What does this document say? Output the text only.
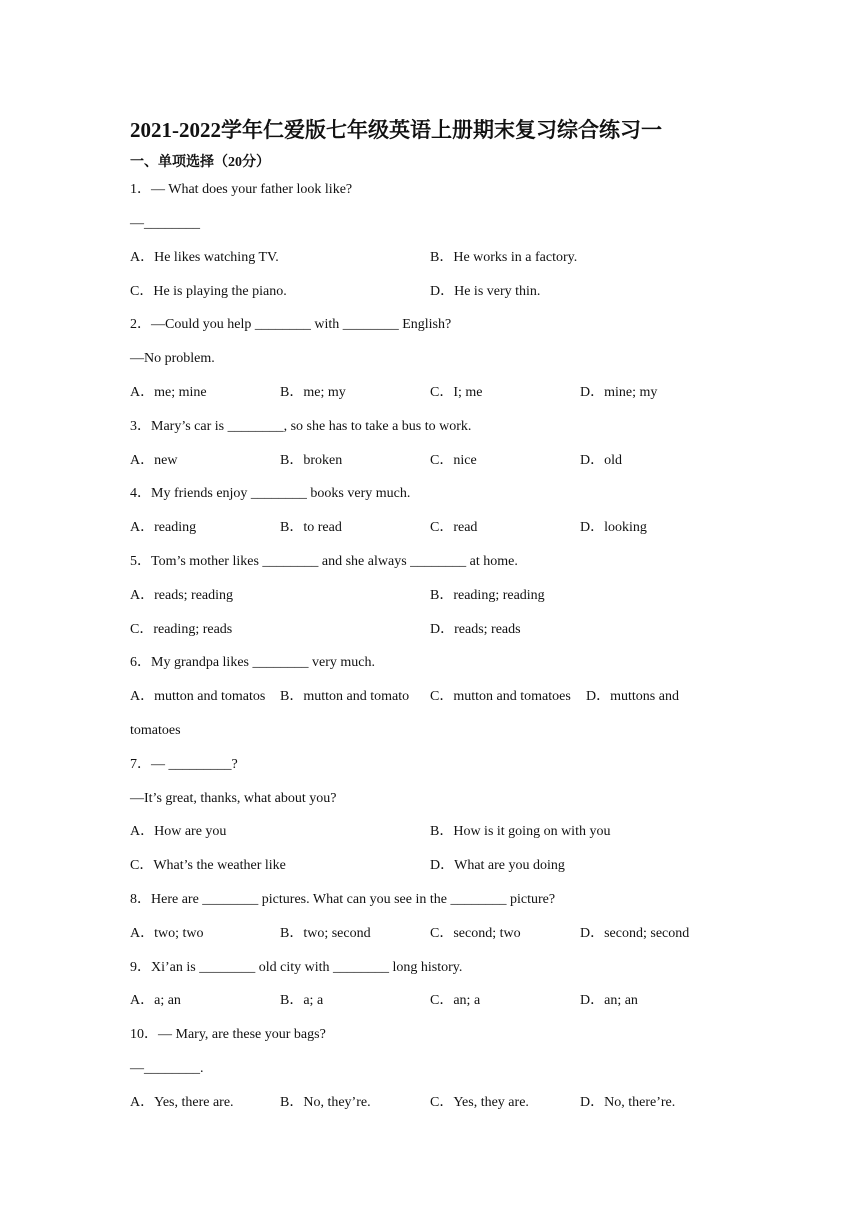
2021-2022学年仁爱版七年级英语上册期末复习综合练习一
一、单项选择（20分）
1．— What does your father look like?
—________
A．He likes watching TV.	B．He works in a factory.
C．He is playing the piano.	D．He is very thin.
2．—Could you help ________ with ________ English?
—No problem.
A．me; mine	B．me; my	C．I; me	D．mine; my
3．Mary’s car is ________, so she has to take a bus to work.
A．new	B．broken	C．nice	D．old
4．My friends enjoy ________ books very much.
A．reading	B．to read	C．read	D．looking
5．Tom’s mother likes ________ and she always ________ at home.
A．reads; reading	B．reading; reading
C．reading; reads	D．reads; reads
6．My grandpa likes ________ very much.
A．mutton and tomatos B．mutton and tomato C．mutton and tomatoes D．muttons and
tomatoes
7．— _________?
—It’s great, thanks, what about you?
A．How are you	B．How is it going on with you
C．What’s the weather like	D．What are you doing
8．Here are ________ pictures. What can you see in the ________ picture?
A．two; two	B．two; second	C．second; two	D．second; second
9．Xi’an is ________ old city with ________ long history.
A．a; an	B．a; a	C．an; a	D．an; an
10．— Mary, are these your bags?
—________.
A．Yes, there are.	B．No, they’re.	C．Yes, they are.	D．No, there’re.
